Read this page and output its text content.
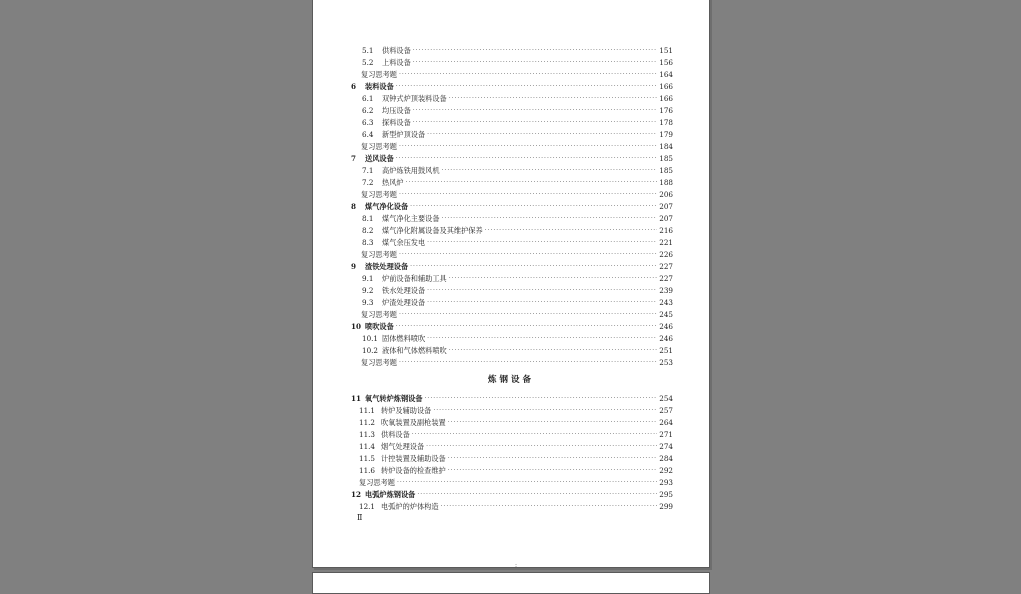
5.1	供料设备 ·····	151
5.2	上料设备 ·····	156
复习思考题 ·····	164
6	装料设备 ·····	166
6.1	双钟式炉顶装料设备 ·····	166
6.2	均压设备 ·····	176
6.3	探料设备 ·····	178
6.4	新型炉顶设备 ·····	179
复习思考题 ·····	184
7	送风设备 ·····	185
7.1	高炉炼铁用鼓风机 ·····	185
7.2	热风炉 ·····	188
复习思考题 ·····	206
8	煤气净化设备 ·····	207
8.1	煤气净化主要设备 ·····	207
8.2	煤气净化附属设备及其维护保养 ·····	216
8.3	煤气余压发电 ·····	221
复习思考题 ·····	226
9	渣铁处理设备 ·····	227
9.1	炉前设备和辅助工具 ·····	227
9.2	铁水处理设备 ·····	239
9.3	炉渣处理设备 ·····	243
复习思考题 ·····	245
10 喷吹设备 ·····	246
10.1 固体燃料喷吹 ·····	246
10.2 液体和气体燃料喷吹 ·····	251
复习思考题 ·····	253
炼钢设备
11 氧气转炉炼钢设备 ·····	254
11.1 转炉及辅助设备 ·····	257
11.2 吹氧装置及副枪装置 ·····	264
11.3 供料设备 ·····	271
11.4 烟气处理设备 ·····	274
11.5 计控装置及辅助设备 ·····	284
11.6 转炉设备的检查维护 ·····	292
复习思考题 ·····	293
12 电弧炉炼钢设备 ·····	295
12.1 电弧炉的炉体构造 ·····	299
Ⅱ
:
